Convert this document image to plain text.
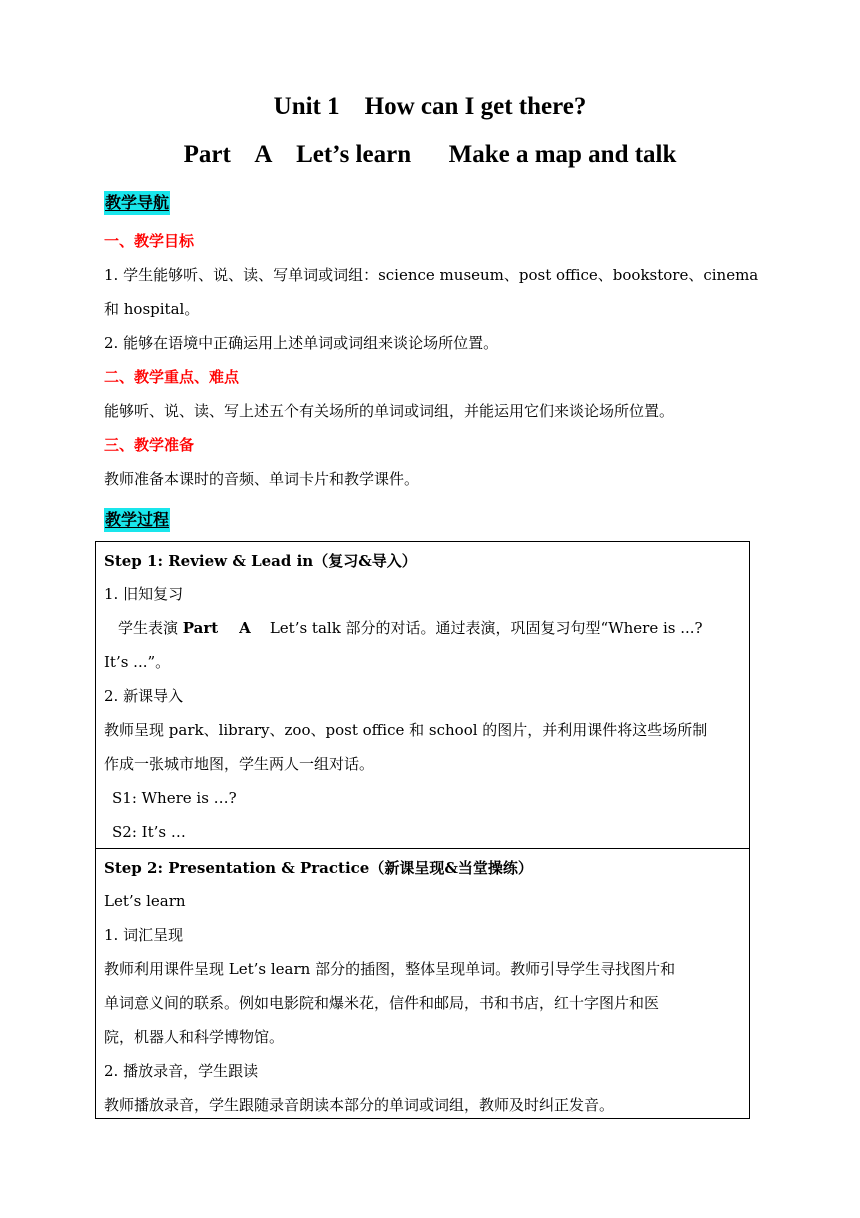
Unit 1    How can I get there?
Part    A    Let’s learn      Make a map and talk
教学导航
一、教学目标
1. 学生能够听、说、读、写单词或词组：science museum、post office、bookstore、cinema
和 hospital。
2. 能够在语境中正确运用上述单词或词组来谈论场所位置。
二、教学重点、难点
能够听、说、读、写上述五个有关场所的单词或词组，并能运用它们来谈论场所位置。
三、教学准备
教师准备本课时的音频、单词卡片和教学课件。
教学过程
Step 1: Review & Lead in（复习&导入）
1. 旧知复习
学生表演 Part    A    Let’s talk 部分的对话。通过表演，巩固复习句型“Where is ...?
It’s ...”。
2. 新课导入
教师呈现 park、library、zoo、post office 和 school 的图片，并利用课件将这些场所制
作成一张城市地图，学生两人一组对话。
S1: Where is …?
S2: It’s …
Step 2: Presentation & Practice（新课呈现&当堂操练）
Let’s learn
1. 词汇呈现
教师利用课件呈现 Let’s learn 部分的插图，整体呈现单词。教师引导学生寻找图片和
单词意义间的联系。例如电影院和爆米花，信件和邮局，书和书店，红十字图片和医
院，机器人和科学博物馆。
2. 播放录音，学生跟读
教师播放录音，学生跟随录音朗读本部分的单词或词组，教师及时纠正发音。
